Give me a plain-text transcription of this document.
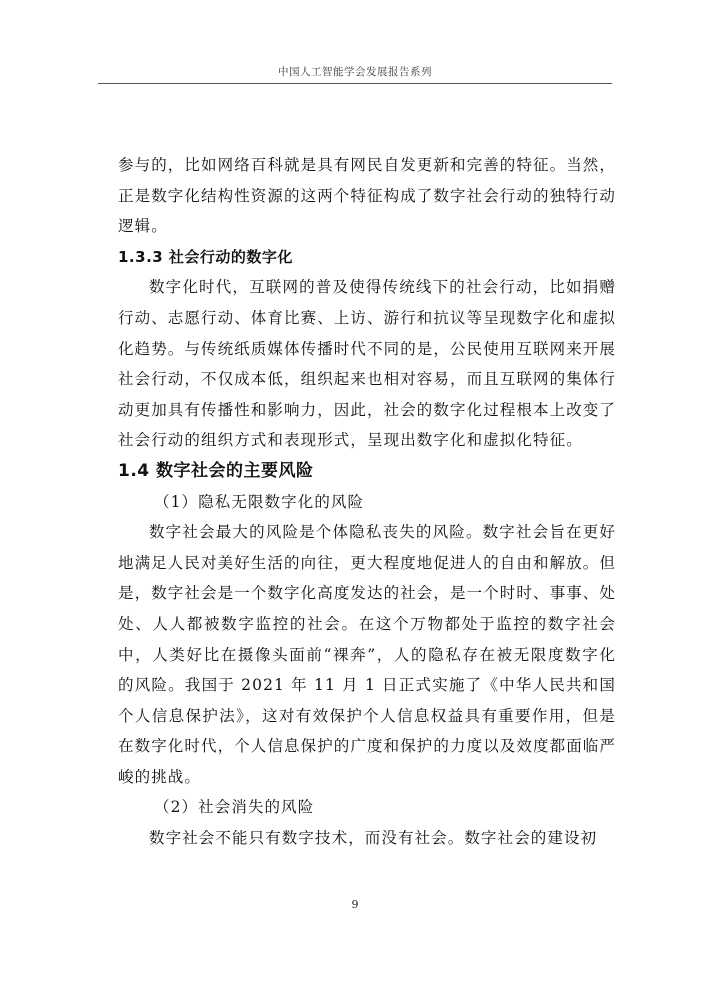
中国人工智能学会发展报告系列

参与的，比如网络百科就是具有网民自发更新和完善的特征。当然，正是数字化结构性资源的这两个特征构成了数字社会行动的独特行动逻辑。

1.3.3 社会行动的数字化

数字化时代，互联网的普及使得传统线下的社会行动，比如捐赠行动、志愿行动、体育比赛、上访、游行和抗议等呈现数字化和虚拟化趋势。与传统纸质媒体传播时代不同的是，公民使用互联网来开展社会行动，不仅成本低，组织起来也相对容易，而且互联网的集体行动更加具有传播性和影响力，因此，社会的数字化过程根本上改变了社会行动的组织方式和表现形式，呈现出数字化和虚拟化特征。

1.4 数字社会的主要风险

（1）隐私无限数字化的风险

数字社会最大的风险是个体隐私丧失的风险。数字社会旨在更好地满足人民对美好生活的向往，更大程度地促进人的自由和解放。但是，数字社会是一个数字化高度发达的社会，是一个时时、事事、处处、人人都被数字监控的社会。在这个万物都处于监控的数字社会中，人类好比在摄像头面前“裸奔”，人的隐私存在被无限度数字化的风险。我国于 2021 年 11 月 1 日正式实施了《中华人民共和国个人信息保护法》，这对有效保护个人信息权益具有重要作用，但是在数字化时代，个人信息保护的广度和保护的力度以及效度都面临严峻的挑战。

（2）社会消失的风险

数字社会不能只有数字技术，而没有社会。数字社会的建设初

9
